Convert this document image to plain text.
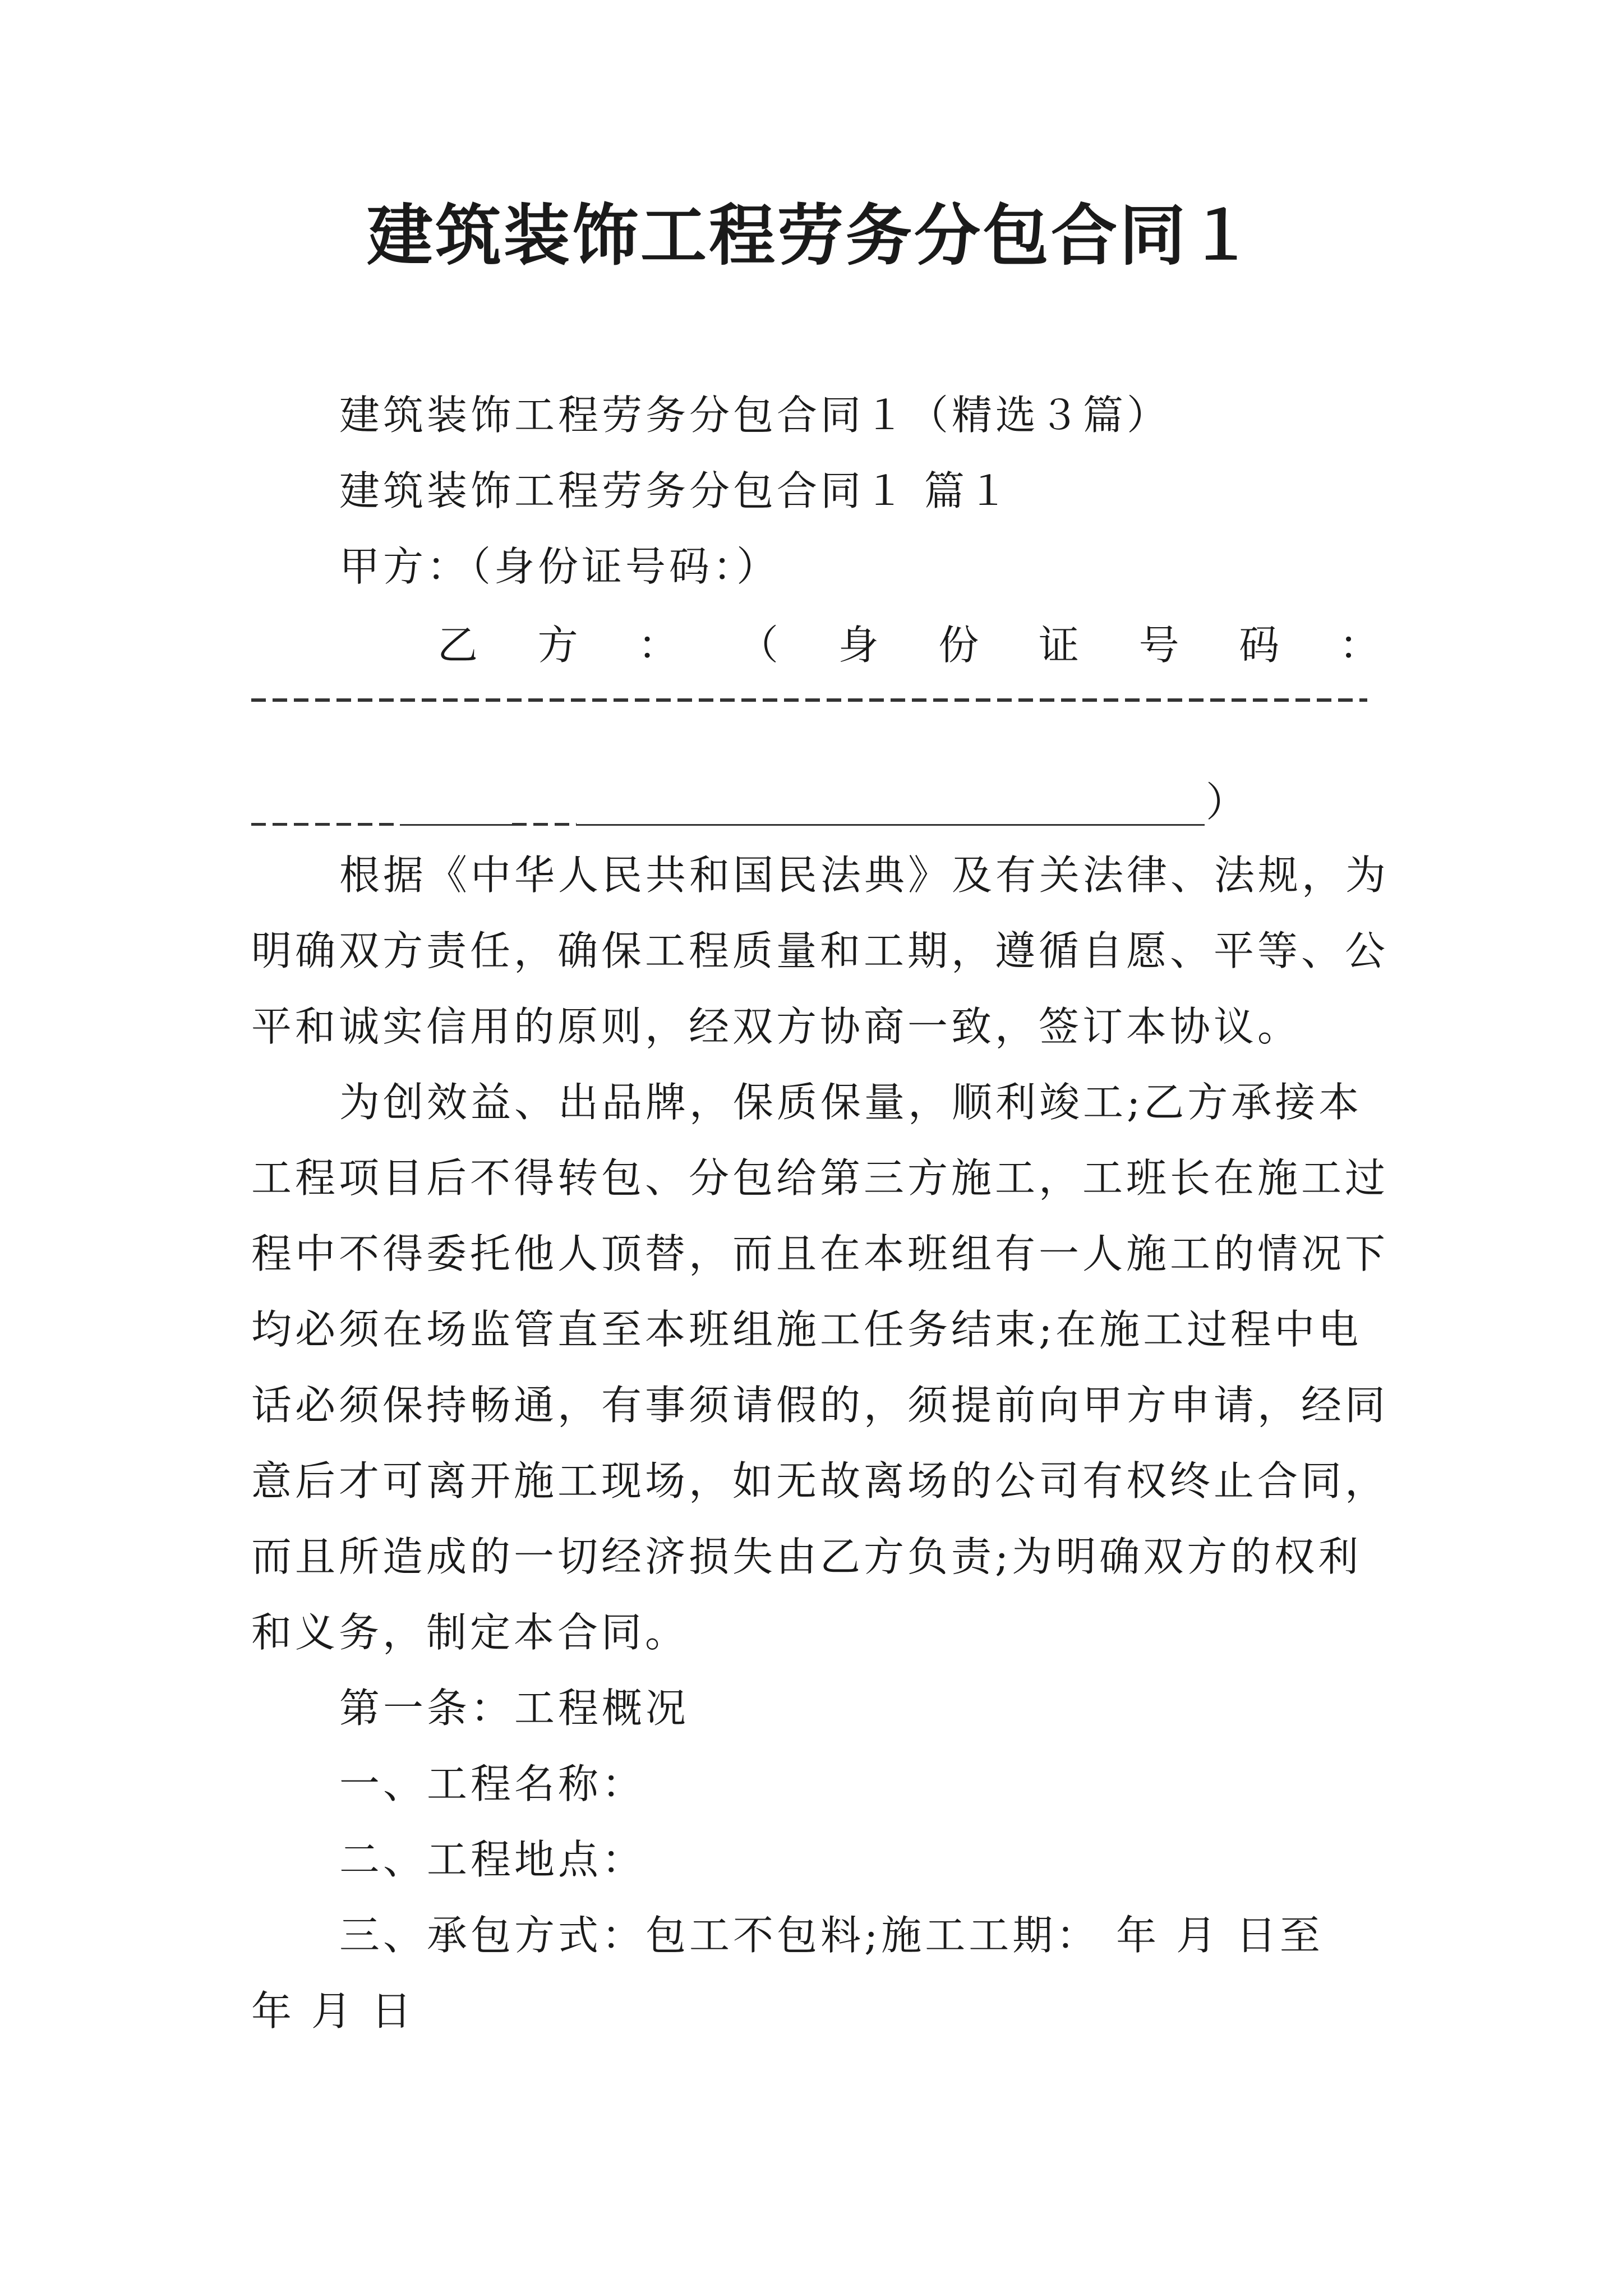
建筑装饰工程劳务分包合同１
建筑装饰工程劳务分包合同１（精选３篇）
建筑装饰工程劳务分包合同１ 篇１
甲方：（身份证号码：）
乙 方 ： （ 身 份 证 号 码 ：
）
根据《中华人民共和国民法典》及有关法律、法规，为
明确双方责任，确保工程质量和工期，遵循自愿、平等、公
平和诚实信用的原则，经双方协商一致，签订本协议。
为创效益、出品牌，保质保量，顺利竣工;乙方承接本
工程项目后不得转包、分包给第三方施工，工班长在施工过
程中不得委托他人顶替，而且在本班组有一人施工的情况下
均必须在场监管直至本班组施工任务结束;在施工过程中电
话必须保持畅通，有事须请假的，须提前向甲方申请，经同
意后才可离开施工现场，如无故离场的公司有权终止合同，
而且所造成的一切经济损失由乙方负责;为明确双方的权利
和义务，制定本合同。
第一条：工程概况
一、工程名称：
二、工程地点：
三、承包方式：包工不包料;施工工期： 年 月 日至
年 月 日
